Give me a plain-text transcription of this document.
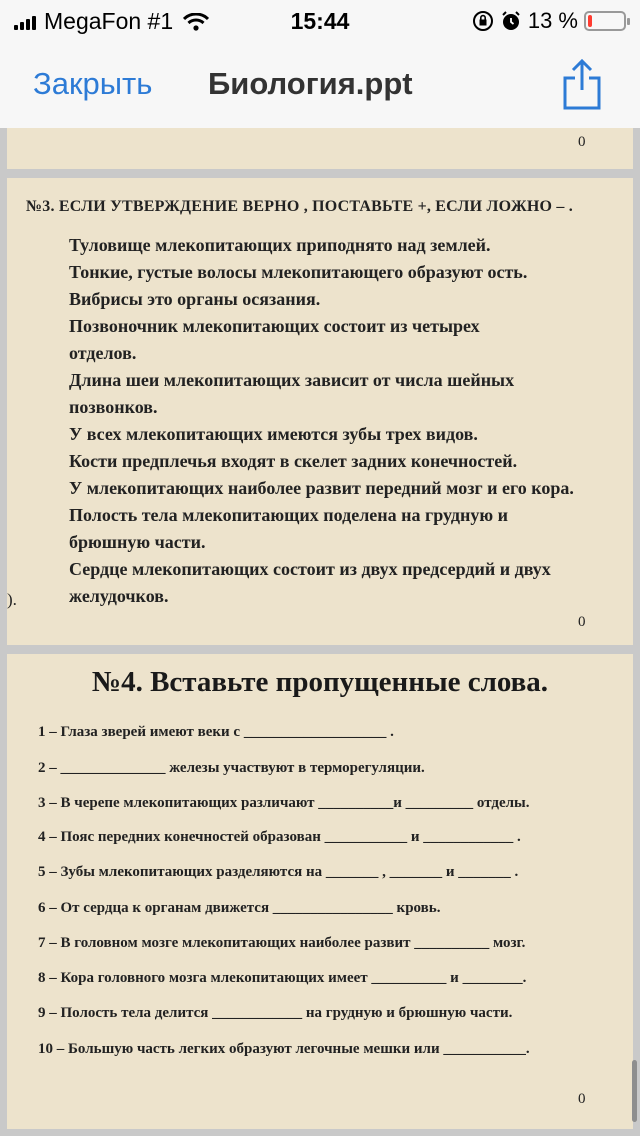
MegaFon #1	15:44	13 %
Закрыть Биология.ppt
0
№3. ЕСЛИ УТВЕРЖДЕНИЕ ВЕРНО , ПОСТАВЬТЕ +, ЕСЛИ ЛОЖНО – .
Туловище млекопитающих приподнято над землей.
Тонкие, густые волосы млекопитающего образуют ость.
Вибрисы это органы осязания.
Позвоночник млекопитающих состоит из четырех отделов.
Длина шеи млекопитающих зависит от числа шейных позвонков.
У всех млекопитающих имеются зубы трех видов.
Кости предплечья входят в скелет задних конечностей.
У млекопитающих наиболее развит передний мозг и его кора.
Полость тела млекопитающих поделена на грудную и брюшную части.
Сердце млекопитающих состоит из двух предсердий и двух желудочков.
).
0
№4. Вставьте пропущенные слова.
1 – Глаза зверей имеют веки с ___________________ .
2 – ______________ железы участвуют в терморегуляции.
3 – В черепе млекопитающих различают __________и _________ отделы.
4 – Пояс передних конечностей образован ___________ и ____________ .
5 – Зубы млекопитающих разделяются на _______ , _______ и _______ .
6 – От сердца к органам движется ________________ кровь.
7 – В головном мозге млекопитающих наиболее развит __________ мозг.
8 – Кора головного мозга млекопитающих имеет __________ и ________.
9 – Полость тела делится ____________ на грудную и брюшную части.
10 – Большую часть легких образуют легочные мешки или ___________.
0
